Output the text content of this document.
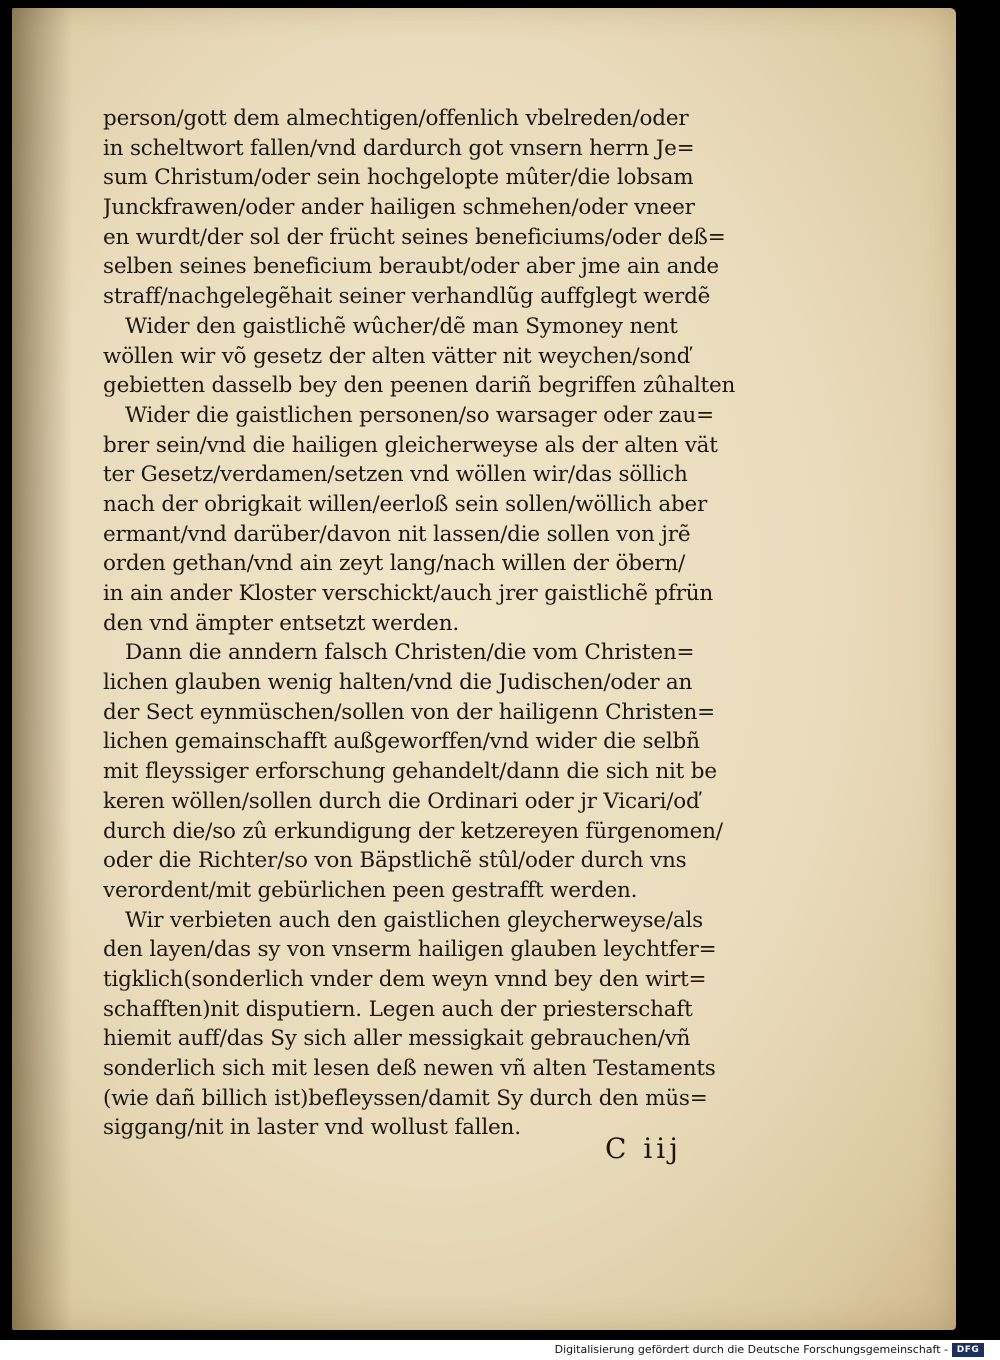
person/gott dem almechtigen/offenlich vbelreden/oder
in scheltwort fallen/vnd dardurch got vnsern herrn Je=
sum Christum/oder sein hochgelopte mûter/die lobsam
Junckfrawen/oder ander hailigen schmehen/oder vneer
en wurdt/der sol der frücht seines beneficiums/oder deß=
selben seines beneficium beraubt/oder aber jme ain ande
straff/nachgelegẽhait seiner verhandlũg auffglegt werdẽ
Wider den gaistlichẽ wûcher/dẽ man Symoney nent
wöllen wir võ gesetz der alten vätter nit weychen/sonď
gebietten dasselb bey den peenen dariñ begriffen zûhalten
Wider die gaistlichen personen/so warsager oder zau=
brer sein/vnd die hailigen gleicherweyse als der alten vät
ter Gesetz/verdamen/setzen vnd wöllen wir/das söllich
nach der obrigkait willen/eerloß sein sollen/wöllich aber
ermant/vnd darüber/davon nit lassen/die sollen von jrẽ
orden gethan/vnd ain zeyt lang/nach willen der öbern/
in ain ander Kloster verschickt/auch jrer gaistlichẽ pfrün
den vnd ämpter entsetzt werden.
Dann die anndern falsch Christen/die vom Christen=
lichen glauben wenig halten/vnd die Judischen/oder an
der Sect eynmüschen/sollen von der hailigenn Christen=
lichen gemainschafft außgeworffen/vnd wider die selbñ
mit fleyssiger erforschung gehandelt/dann die sich nit be
keren wöllen/sollen durch die Ordinari oder jr Vicari/oď
durch die/so zû erkundigung der ketzereyen fürgenomen/
oder die Richter/so von Bäpstlichẽ stûl/oder durch vns
verordent/mit gebürlichen peen gestrafft werden.
Wir verbieten auch den gaistlichen gleycherweyse/als
den layen/das sy von vnserm hailigen glauben leychtfer=
tigklich(sonderlich vnder dem weyn vnnd bey den wirt=
schafften)nit disputiern. Legen auch der priesterschaft
hiemit auff/das Sy sich aller messigkait gebrauchen/vñ
sonderlich sich mit lesen deß newen vñ alten Testaments
(wie dañ billich ist)befleyssen/damit Sy durch den müs=
siggang/nit in laster vnd wollust fallen.
C iij
Digitalisierung gefördert durch die Deutsche Forschungsgemeinschaft - DFG
